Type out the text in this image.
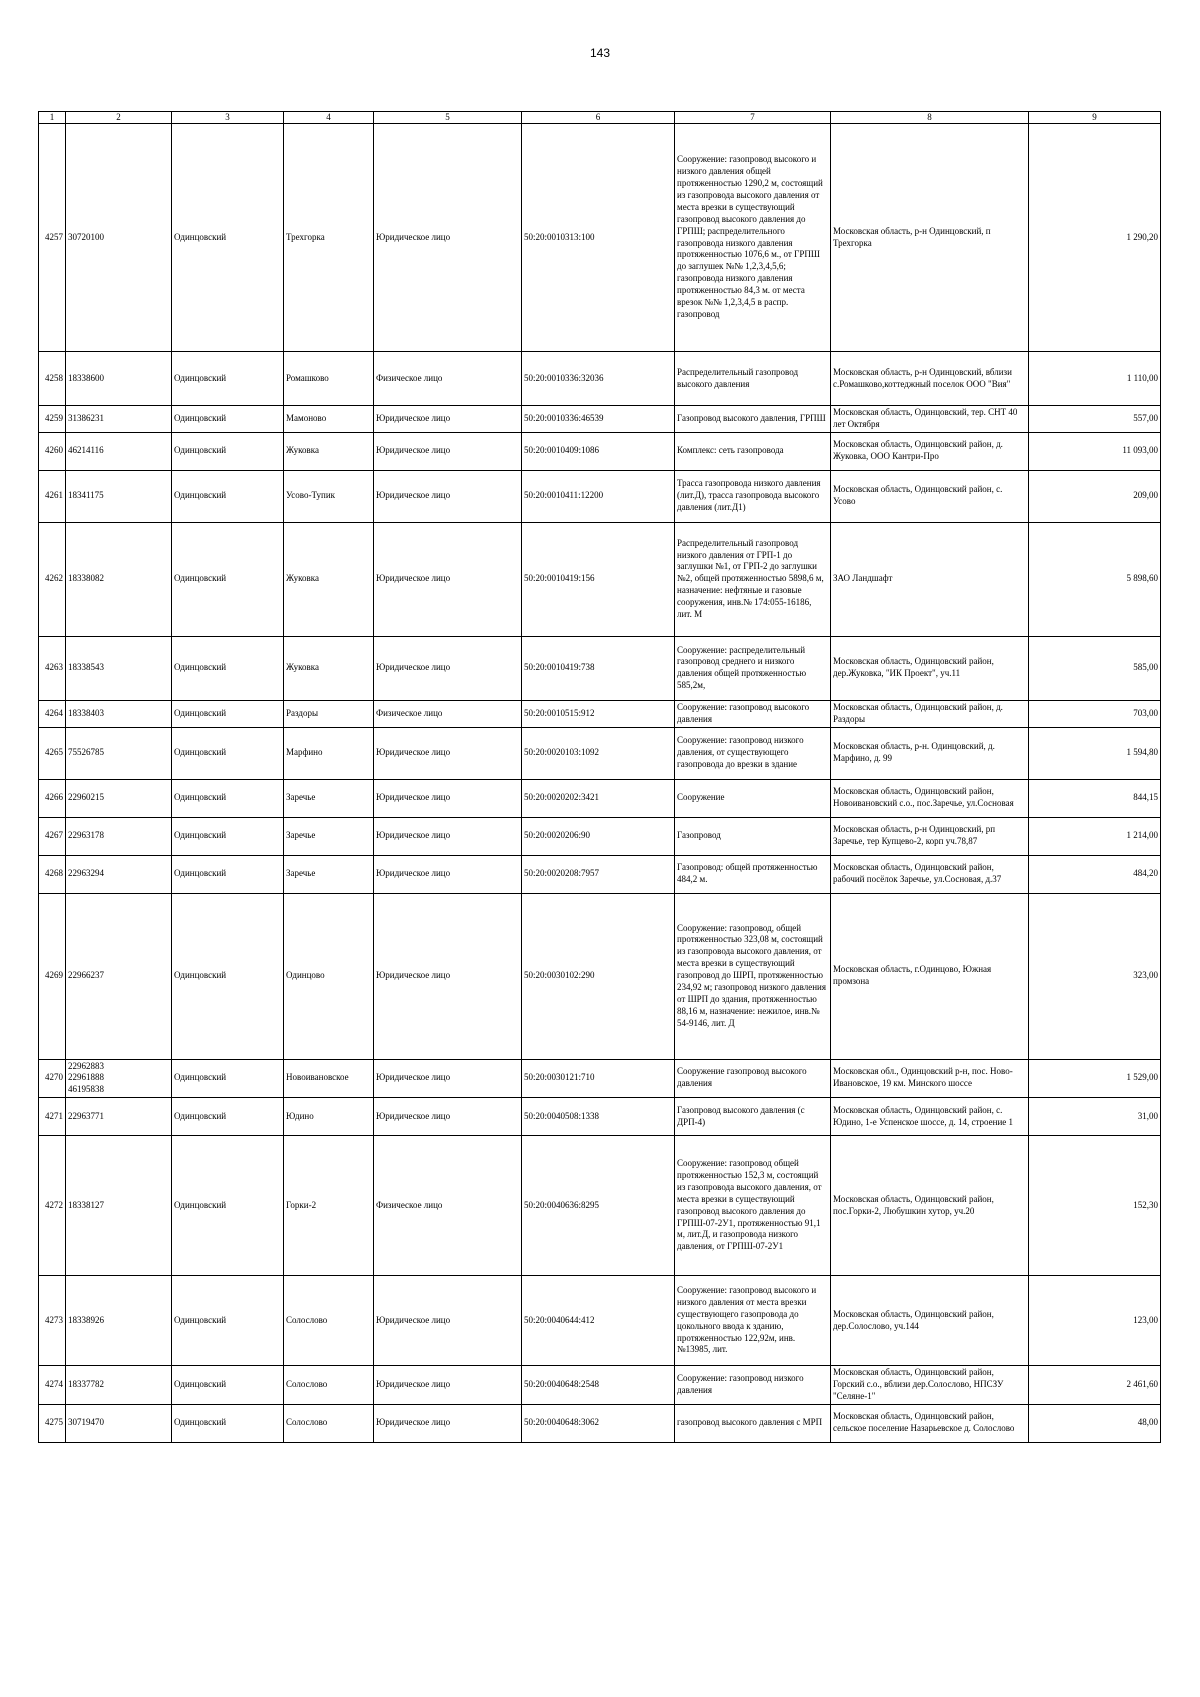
143
1	2	3	4	5	6	7	8	9
4257	30720100	Одинцовский	Трехгорка	Юридическое лицо	50:20:0010313:100	Сооружение: газопровод высокого и низкого давления общей протяженностью 1290,2 м, состоящий из газопровода высокого давления от места врезки в существующий газопровод высокого давления до ГРПШ; распределительного газопровода низкого давления протяженностью 1076,6 м., от ГРПШ до заглушек №№ 1,2,3,4,5,6; газопровода низкого давления протяженностью 84,3 м. от места врезок №№ 1,2,3,4,5 в распр. газопровод	Московская область, р-н Одинцовский, п Трехгорка	1 290,20
4258	18338600	Одинцовский	Ромашково	Физическое лицо	50:20:0010336:32036	Распределительный газопровод высокого давления	Московская область, р-н Одинцовский, вблизи с.Ромашково,коттеджный поселок ООО "Вия"	1 110,00
4259	31386231	Одинцовский	Мамоново	Юридическое лицо	50:20:0010336:46539	Газопровод высокого давления, ГРПШ	Московская область, Одинцовский, тер. СНТ 40 лет Октября	557,00
4260	46214116	Одинцовский	Жуковка	Юридическое лицо	50:20:0010409:1086	Комплекс: сеть газопровода	Московская область, Одинцовский район, д. Жуковка, ООО Кантри-Про	11 093,00
4261	18341175	Одинцовский	Усово-Тупик	Юридическое лицо	50:20:0010411:12200	Трасса газопровода низкого давления (лит.Д), трасса газопровода высокого давления (лит.Д1)	Московская область, Одинцовский район, с. Усово	209,00
4262	18338082	Одинцовский	Жуковка	Юридическое лицо	50:20:0010419:156	Распределительный газопровод низкого давления от ГРП-1 до заглушки №1, от ГРП-2 до заглушки №2, общей протяженностью 5898,6 м, назначение: нефтяные и газовые сооружения, инв.№ 174:055-16186, лит. М	ЗАО Ландшафт	5 898,60
4263	18338543	Одинцовский	Жуковка	Юридическое лицо	50:20:0010419:738	Сооружение: распределительный газопровод среднего и низкого давления общей протяженностью 585,2м,	Московская область, Одинцовский район, дер.Жуковка, "ИК Проект", уч.11	585,00
4264	18338403	Одинцовский	Раздоры	Физическое лицо	50:20:0010515:912	Сооружение: газопровод высокого давления	Московская область, Одинцовский район, д. Раздоры	703,00
4265	75526785	Одинцовский	Марфино	Юридическое лицо	50:20:0020103:1092	Сооружение: газопровод низкого давления, от существующего газопровода до врезки в здание	Московская область, р-н. Одинцовский, д. Марфино, д. 99	1 594,80
4266	22960215	Одинцовский	Заречье	Юридическое лицо	50:20:0020202:3421	Сооружение	Московская область, Одинцовский район, Новоивановский с.о., пос.Заречье, ул.Сосновая	844,15
4267	22963178	Одинцовский	Заречье	Юридическое лицо	50:20:0020206:90	Газопровод	Московская область, р-н Одинцовский, рп Заречье, тер Купцево-2, корп уч.78,87	1 214,00
4268	22963294	Одинцовский	Заречье	Юридическое лицо	50:20:0020208:7957	Газопровод: общей протяженностью 484,2 м.	Московская область, Одинцовский район, рабочий посёлок Заречье, ул.Сосновая, д.37	484,20
4269	22966237	Одинцовский	Одинцово	Юридическое лицо	50:20:0030102:290	Сооружение: газопровод, общей протяженностью 323,08 м, состоящий из газопровода высокого давления, от места врезки в существующий газопровод до ШРП, протяженностью 234,92 м; газопровод низкого давления от ШРП до здания, протяженностью 88,16 м, назначение: нежилое, инв.№ 54-9146, лит. Д	Московская область, г.Одинцово, Южная промзона	323,00
4270	22962883
22961888
46195838	Одинцовский	Новоивановское	Юридическое лицо	50:20:0030121:710	Сооружение газопровод высокого давления	Московская обл., Одинцовский р-н, пос. Ново-Ивановское, 19 км. Минского шоссе	1 529,00
4271	22963771	Одинцовский	Юдино	Юридическое лицо	50:20:0040508:1338	Газопровод высокого давления (с ДРП-4)	Московская область, Одинцовский район, с. Юдино, 1-е Успенское шоссе, д. 14, строение 1	31,00
4272	18338127	Одинцовский	Горки-2	Физическое лицо	50:20:0040636:8295	Сооружение: газопровод общей протяженностью 152,3 м, состоящий из газопровода высокого давления, от места врезки в существующий газопровод высокого давления до ГРПШ-07-2У1, протяженностью 91,1 м, лит.Д, и газопровода низкого давления, от ГРПШ-07-2У1	Московская область, Одинцовский район, пос.Горки-2, Любушкин хутор, уч.20	152,30
4273	18338926	Одинцовский	Солослово	Юридическое лицо	50:20:0040644:412	Сооружение: газопровод высокого и низкого давления от места врезки существующего газопровода до цокольного ввода к зданию, протяженностью 122,92м, инв.№13985, лит.	Московская область, Одинцовский район, дер.Солослово, уч.144	123,00
4274	18337782	Одинцовский	Солослово	Юридическое лицо	50:20:0040648:2548	Сооружение: газопровод низкого давления	Московская область, Одинцовский район, Горский с.о., вблизи дер.Солослово, НПСЗУ "Селяне-1"	2 461,60
4275	30719470	Одинцовский	Солослово	Юридическое лицо	50:20:0040648:3062	газопровод высокого давления с МРП	Московская область, Одинцовский район, сельское поселение Назарьевское д. Солослово	48,00
